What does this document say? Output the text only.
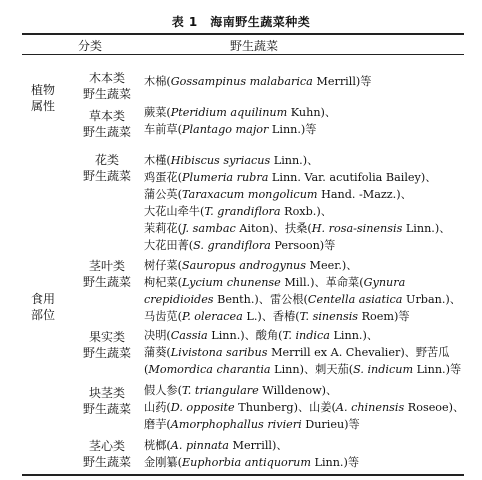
表 1　海南野生蔬菜种类
分类	野生蔬菜
植物
属性
食用
部位
木本类
野生蔬菜
木棉(Gossampinus malabarica Merrill)等
草本类
野生蔬菜
蕨菜(Pteridium aquilinum Kuhn)、
车前草(Plantago major Linn.)等
花类
野生蔬菜
木槿(Hibiscus syriacus Linn.)、
鸡蛋花(Plumeria rubra Linn. Var. acutifolia Bailey)、
蒲公英(Taraxacum mongolicum Hand. -Mazz.)、
大花山牵牛(T. grandiflora Roxb.)、
茉莉花(J. sambac Aiton)、扶桑(H. rosa-sinensis Linn.)、
大花田菁(S. grandiflora Persoon)等
茎叶类
野生蔬菜
树仔菜(Sauropus androgynus Meer.)、
枸杞菜(Lycium chunense Mill.)、革命菜(Gynura
crepidioides Benth.)、雷公根(Centella asiatica Urban.)、
马齿苋(P. oleracea L.)、香椿(T. sinensis Roem)等
果实类
野生蔬菜
决明(Cassia Linn.)、酸角(T. indica Linn.)、
蒲葵(Livistona saribus Merrill ex A. Chevalier)、野苦瓜
(Momordica charantia Linn)、刺天茄(S. indicum Linn.)等
块茎类
野生蔬菜
假人参(T. triangulare Willdenow)、
山药(D. opposite Thunberg)、山姜(A. chinensis Roseoe)、
磨芋(Amorphophallus rivieri Durieu)等
茎心类
野生蔬菜
桄榔(A. pinnata Merrill)、
金刚纂(Euphorbia antiquorum Linn.)等
